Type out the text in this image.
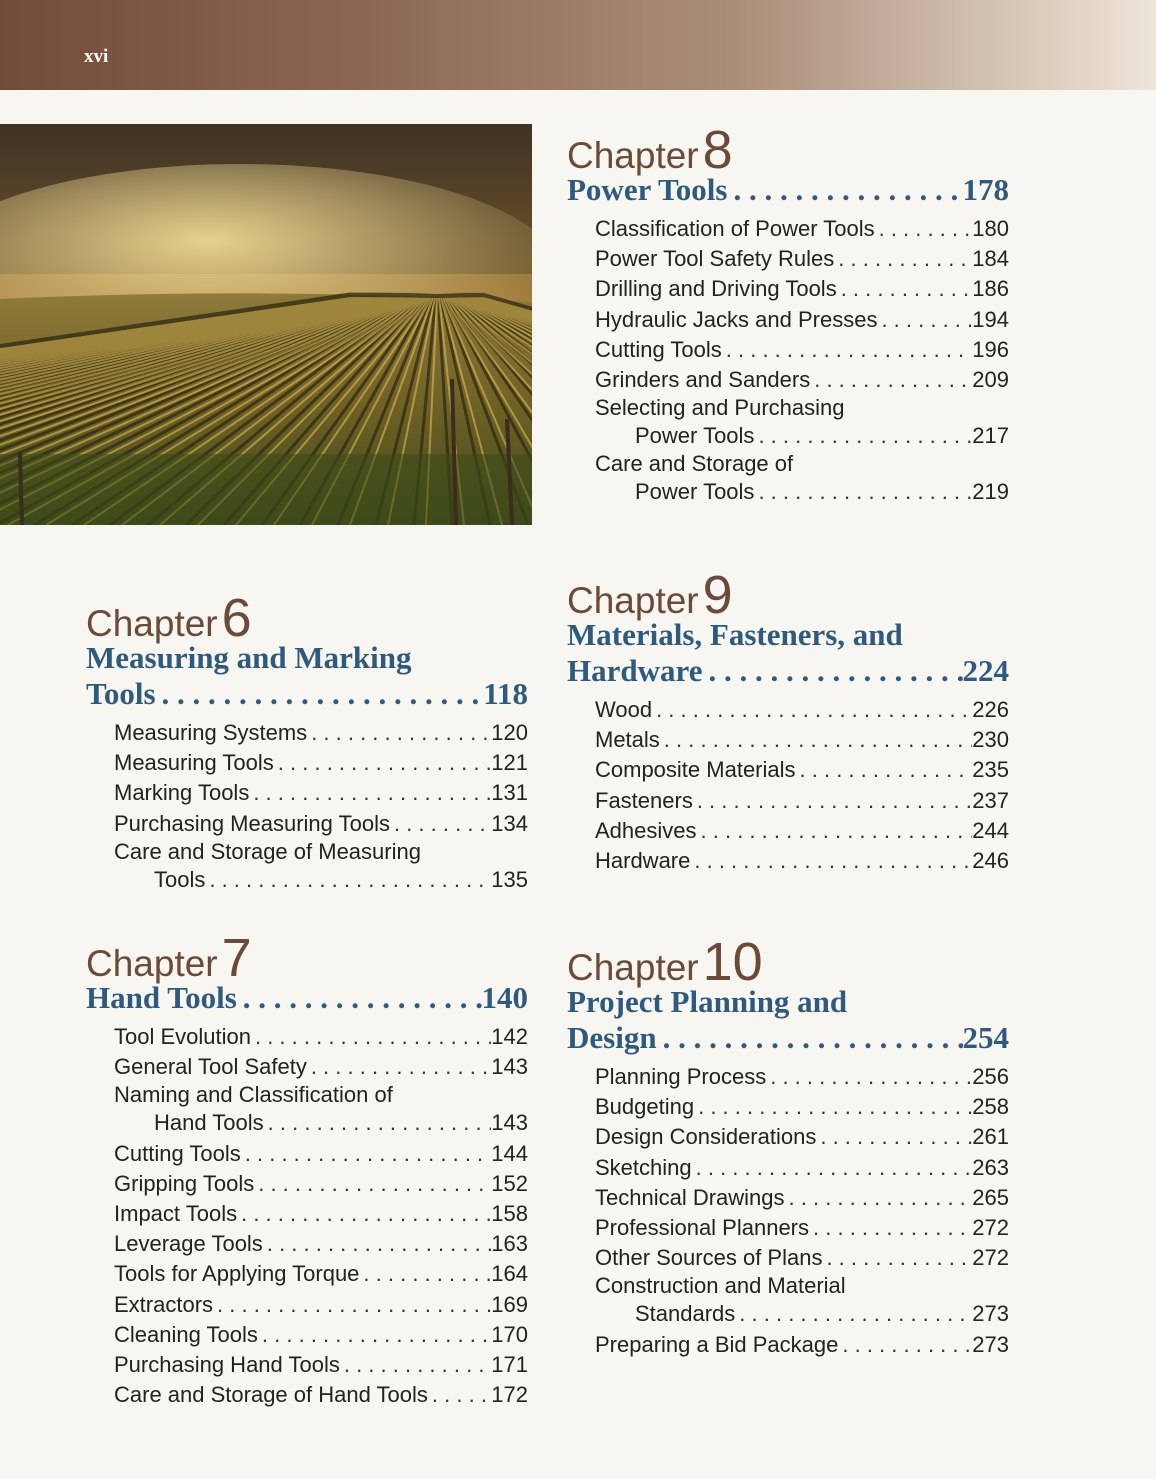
xvi
Chapter6
Measuring and Marking
Tools . . .	118
Measuring Systems . . .	120
Measuring Tools . . .	121
Marking Tools . . .	131
Purchasing Measuring Tools . . .	134
Care and Storage of Measuring
Tools . . .	135
Chapter7
Hand Tools . . .	140
Tool Evolution . . .	142
General Tool Safety . . .	143
Naming and Classification of
Hand Tools . . .	143
Cutting Tools . . .	144
Gripping Tools . . .	152
Impact Tools . . .	158
Leverage Tools . . .	163
Tools for Applying Torque . . .	164
Extractors . . .	169
Cleaning Tools . . .	170
Purchasing Hand Tools . . .	171
Care and Storage of Hand Tools . . .	172
Chapter8
Power Tools . . .	178
Classification of Power Tools . . .	180
Power Tool Safety Rules . . .	184
Drilling and Driving Tools . . .	186
Hydraulic Jacks and Presses . . .	194
Cutting Tools . . .	196
Grinders and Sanders . . .	209
Selecting and Purchasing
Power Tools . . .	217
Care and Storage of
Power Tools . . .	219
Chapter9
Materials, Fasteners, and
Hardware . . .	224
Wood . . .	226
Metals . . .	230
Composite Materials . . .	235
Fasteners . . .	237
Adhesives . . .	244
Hardware . . .	246
Chapter10
Project Planning and
Design . . .	254
Planning Process . . .	256
Budgeting . . .	258
Design Considerations . . .	261
Sketching . . .	263
Technical Drawings . . .	265
Professional Planners . . .	272
Other Sources of Plans . . .	272
Construction and Material
Standards . . .	273
Preparing a Bid Package . . .	273
